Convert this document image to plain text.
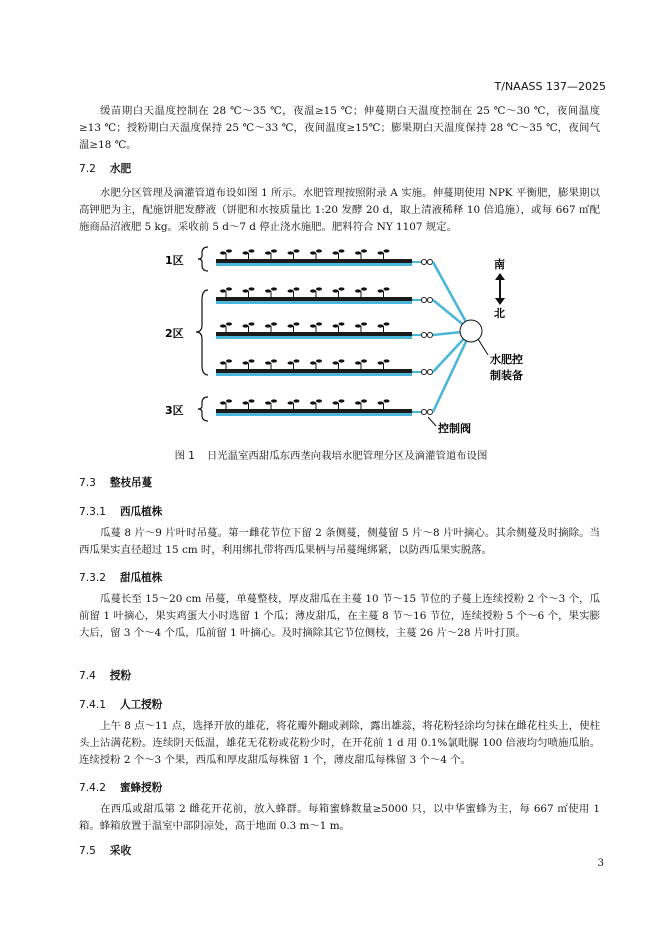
T/NAASS 137—2025

缓苗期白天温度控制在 28 ℃～35 ℃，夜温≥15 ℃；伸蔓期白天温度控制在 25 ℃～30 ℃，夜间温度≥13 ℃；授粉期白天温度保持 25 ℃～33 ℃，夜间温度≥15℃；膨果期白天温度保持 28 ℃～35 ℃，夜间气温≥18 ℃。

7.2 水肥

水肥分区管理及滴灌管道布设如图 1 所示。水肥管理按照附录 A 实施。伸蔓期使用 NPK 平衡肥，膨果期以高钾肥为主，配施饼肥发酵液（饼肥和水按质量比 1:20 发酵 20 d，取上清液稀释 10 倍追施），或每 667 ㎡配施商品沼液肥 5 kg。采收前 5 d～7 d 停止浇水施肥。肥料符合 NY 1107 规定。

1区
2区
3区
南
北
水肥控
制装备
控制阀
图 1 日光温室西甜瓜东西垄向栽培水肥管理分区及滴灌管道布设图
7.3 整枝吊蔓
7.3.1 西瓜植株

瓜蔓 8 片～9 片叶时吊蔓。第一雌花节位下留 2 条侧蔓，侧蔓留 5 片～8 片叶摘心。其余侧蔓及时摘除。当西瓜果实直径超过 15 cm 时，利用绑扎带将西瓜果柄与吊蔓绳绑紧，以防西瓜果实脱落。

7.3.2 甜瓜植株

瓜蔓长至 15～20 cm 吊蔓，单蔓整枝，厚皮甜瓜在主蔓 10 节～15 节位的子蔓上连续授粉 2 个～3 个，瓜前留 1 叶摘心，果实鸡蛋大小时选留 1 个瓜；薄皮甜瓜，在主蔓 8 节～16 节位，连续授粉 5 个～6 个，果实膨大后，留 3 个～4 个瓜，瓜前留 1 叶摘心。及时摘除其它节位侧枝，主蔓 26 片～28 片叶打顶。

7.4 授粉
7.4.1 人工授粉

上午 8 点～11 点，选择开放的雄花，将花瓣外翻或剥除，露出雄蕊，将花粉轻涂均匀抹在雌花柱头上，使柱头上沾满花粉。连续阴天低温，雄花无花粉或花粉少时，在开花前 1 d 用 0.1%氯吡脲 100 倍液均匀喷施瓜胎。连续授粉 2 个～3 个果，西瓜和厚皮甜瓜每株留 1 个，薄皮甜瓜每株留 3 个～4 个。

7.4.2 蜜蜂授粉

在西瓜或甜瓜第 2 雌花开花前，放入蜂群。每箱蜜蜂数量≥5000 只，以中华蜜蜂为主，每 667 ㎡使用 1 箱。蜂箱放置于温室中部阴凉处，高于地面 0.3 m～1 m。

7.5 采收
3
